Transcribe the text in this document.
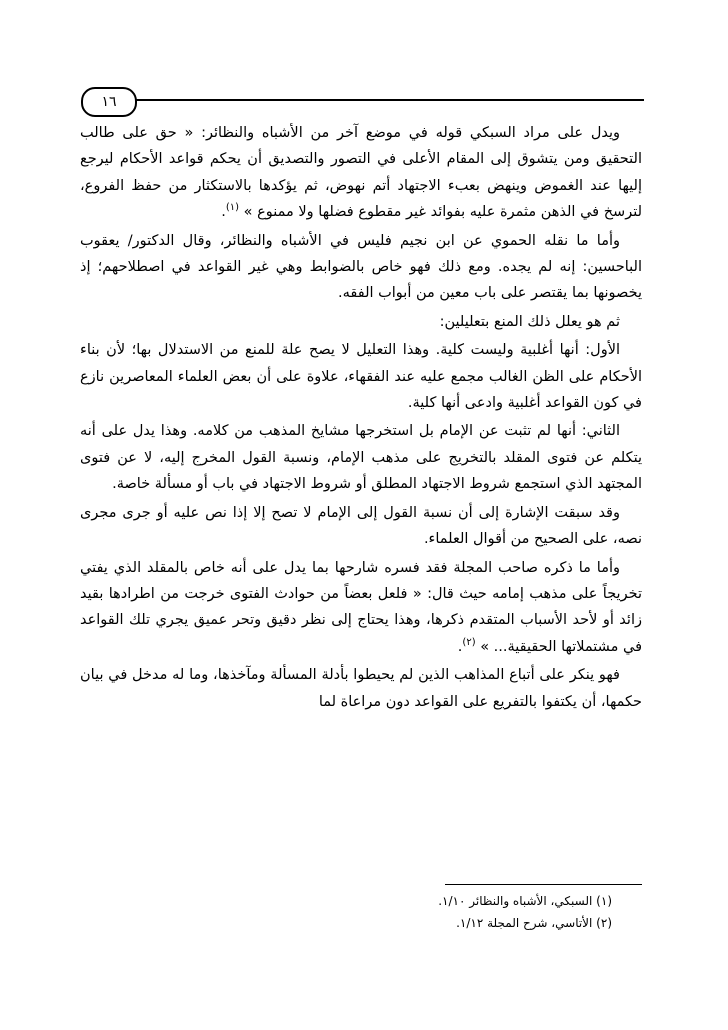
١٦

ويدل على مراد السبكي قوله في موضع آخر من الأشباه والنظائر: « حق على طالب التحقيق ومن يتشوق إلى المقام الأعلى في التصور والتصديق أن يحكم قواعد الأحكام ليرجع إليها عند الغموض وينهض بعبء الاجتهاد أتم نهوض، ثم يؤكدها بالاستكثار من حفظ الفروع، لترسخ في الذهن مثمرة عليه بفوائد غير مقطوع فضلها ولا ممنوع » $^{(١)}$.

وأما ما نقله الحموي عن ابن نجيم فليس في الأشباه والنظائر، وقال الدكتور/ يعقوب الباحسين: إنه لم يجده. ومع ذلك فهو خاص بالضوابط وهي غير القواعد في اصطلاحهم؛ إذ يخصونها بما يقتصر على باب معين من أبواب الفقه.

ثم هو يعلل ذلك المنع بتعليلين:

الأول: أنها أغلبية وليست كلية. وهذا التعليل لا يصح علة للمنع من الاستدلال بها؛ لأن بناء الأحكام على الظن الغالب مجمع عليه عند الفقهاء، علاوة على أن بعض العلماء المعاصرين نازع في كون القواعد أغلبية وادعى أنها كلية.

الثاني: أنها لم تثبت عن الإمام بل استخرجها مشايخ المذهب من كلامه. وهذا يدل على أنه يتكلم عن فتوى المقلد بالتخريج على مذهب الإمام، ونسبة القول المخرج إليه، لا عن فتوى المجتهد الذي استجمع شروط الاجتهاد المطلق أو شروط الاجتهاد في باب أو مسألة خاصة.

وقد سبقت الإشارة إلى أن نسبة القول إلى الإمام لا تصح إلا إذا نص عليه أو جرى مجرى نصه، على الصحيح من أقوال العلماء.

وأما ما ذكره صاحب المجلة فقد فسره شارحها بما يدل على أنه خاص بالمقلد الذي يفتي تخريجاً على مذهب إمامه حيث قال: « فلعل بعضاً من حوادث الفتوى خرجت من اطرادها بقيد زائد أو لأحد الأسباب المتقدم ذكرها، وهذا يحتاج إلى نظر دقيق وتحر عميق يجري تلك القواعد في مشتملاتها الحقيقية... » $^{(٢)}$.

فهو ينكر على أتباع المذاهب الذين لم يحيطوا بأدلة المسألة ومآخذها، وما له مدخل في بيان حكمها، أن يكتفوا بالتفريع على القواعد دون مراعاة لما

(١) السبكي، الأشباه والنظائر ١/١٠.

(٢) الأتاسي، شرح المجلة ١/١٢.
